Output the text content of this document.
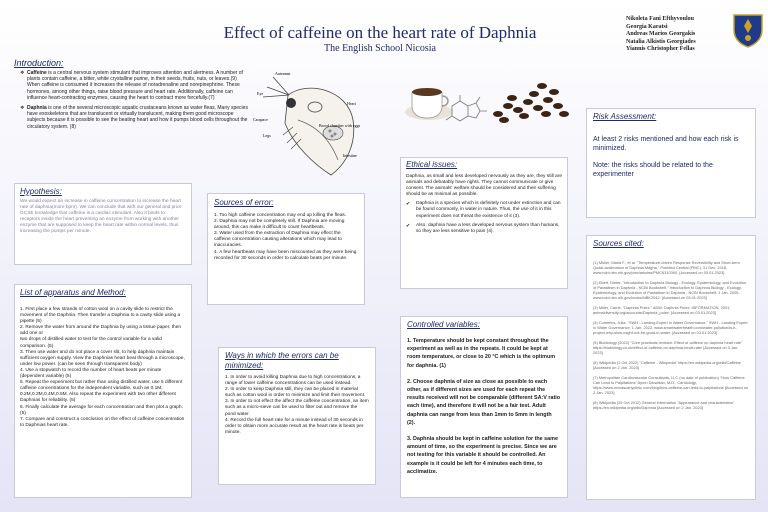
Effect of caffeine on the heart rate of Daphnia
The English School Nicosia
Nikoleta Fani Efthyvoulou
Georgia Karatsi
Andreas Marios Georgakis
Natalia Alkistis Georgiades
Yiannis Christopher Fellas
Introduction:
❖ Caffeine is a central nervous system stimulant that improves attention and alertness. A number of plants contain caffeine, a bitter, white crystalline purine, in their seeds, fruits, nuts, or leaves.(9) When caffeine is consumed it increases the release of noradrenaline and norepinephrine. These hormones, among other things, raise blood pressure and heart rate. Additionally, caffeine can influence heart-contracting enzymes, causing the heart to contract more forcefully.(7)
❖ Daphnia is one of the several microscopic aquatic crustaceans known as water fleas. Many species have exoskeletons that are translucent or virtually translucent, making them good microscope subjects because it is possible to see the beating heart and how it pumps blood cells throughout the circulatory system. (8)
Antennae
Eye
Heart
Carapace
Legs
Brood chamber with eggs
Intestine
Hypothesis:
We would expect an increase in caffeine concentration to increase the heart rate of daphnia(more bpm). We can conclude that with our general and prior GCSE knowledge that caffeine is a cardiac stimulant. Also it binds to receptors inside the heart preventing an enzyme from working with another enzyme that are supposed to keep the heart rate within normal levels, thus increasing the pumps per minute.
List of apparatus and Method:

1. First place a few strands of cotton wool on a cavity slide to restrict the movement of the Daphnia. Then transfer a Daphnia to a cavity slide using a pipette (5)

2. Remove the water from around the Daphnia by using a tissue paper, then add one or

two drops of distilled water to test for the control variable for a valid comparison. (5)

3. Then use water and do not place a cover slit, to help daphnia maintain sufficient oxygen supply. View the Daphnias heart beat through a microscope, under low power. (can be seen through transparent body)

4. Use a stopwatch to record the number of heart beats per minute (dependent variable) (5)

5. Repeat the experiment but rather than using distilled water, use 5 different caffeine concentrations for the independent variable, such as 0.1M, 0.2M,0.3M,0.4M,0.5M. Also repeat the experiment with two other different Daphnias for reliability. (5)

6. Finally calculate the average for each concentration and then plot a graph. (5)

7. Compare and construct a conclusion on the effect of caffeine concentration to Daphnias heart rate.

Sources of error:

1. Too high caffeine concentration may end up killing the fleas.

2. Daphnia may not be completely still. If Daphnia are moving around, this can make it difficult to count heartbeats.

3. Water used from the extraction of Daphnia may effect the caffeine concentration causing alterations which may lead to inaccuracies.

4. A few heartbeats may have been miscounted as they were being recorded for 30 seconds in order to calculate beats per minute.

Ways in which the errors can be minimized:

1. In order to avoid killing Daphnia due to high concentrations, a range of lower caffeine concentrations can be used instead.

2. In order to keep Daphnia still, they can be placed in material such as cotton wool in order to minimize and limit their movement.

3. In order to not effect the affect the caffeine concentration, an item such as a micro-sieve can be used to filter out and remove the pond water.

4. Record the full heart rate for a minute instead of 30 seconds in order to obtain more accurate result as the heart rate is beats per minute.

Ethical issues:

Daphnia, as small and less developed nervously as they are, they still are animals and debatably have rights. They cannot communicate or give consent. The animals' welfare should be considered and their suffering should be as minimal as possible.

✔ Daphnia is a species which is definitely not under extinction and can be found commonly, in water in nature. Thus, the use of it in this experiment does not threat the existence of it (3).
✔ Also, daphnia have a less developed nervous system than humans, so they are less sensitive to pain (4).
Controlled variables:

1. Temperature should be kept constant throughout the experiment as well as in the repeats. It could be kept at room temperature, or close to 20 °C which is the optimum for daphnia. (1)

2. Choose daphnia of size as close as possible to each other, as if different sizes are used for each repeat the results received will not be comparable (different SA:V ratio each time), and therefore it will not be a fair test. Adult daphnia can range from less than 1mm to 5mm in length (2).

3. Daphnia should be kept in caffeine solution for the same amount of time, so the experiment is precise. Since we are not testing for this variable it should be controlled. An example is it could be left for 4 minutes each time, to acclimatize.

Risk Assessment:

At least 2 risks mentioned and how each risk is minimized.

Note: the risks should be related to the experimenter

Sources cited:

(1) Müller, Maria F., et al. "Temperature-driven Response Reversibility and Short-term Quasi-acclimation of Daphnia Magna." PubMed Central (PMC), 31 Dec. 2018, www.ncbi.nlm.nih.gov/pmc/articles/PMC6310390. [Accessed on 03.01.2023]

(2) Ebert, Dieter. "Introduction to Daphnia Biology - Ecology, Epidemiology, and Evolution of Parasitism in Daphnia - NCBI Bookshelf." Introduction to Daphnia Biology - Ecology, Epidemiology, and Evolution of Parasitism in Daphnia - NCBI Bookshelf, 1 Jan. 2005, www.ncbi.nlm.nih.gov/books/NBK2042. [Accessed on 03.01.2023]

(3) Miller, Carrie. "Daphnia Pulex." ADW: Daphnia Pulex: INFORMATION, 2001, animaldiversity.org/accounts/Daphnia_pulex. [Accessed on 03.01.2023]

(4) Cummins, Julia. "SWH - Landing Expert in Water Governance." SWH - Landing Expert in Water Governance, 1 Jan. 2022, www.smartwaterhealth.com/water-pollution/is-it-project-why-slow-might-not-be-good-in-water. [Accessed on 03.01.2023]

(5) Biobiology (2022) "Core practicals revision: Effect of caffeine on daphnia heart rate" https://biobiology.co.uk/effect-of-caffeine-on-daphnia-heart-rate/ [Accessed on 3 Jan. 2023]

(6) Wikipedia (1 Oct 2022) "Caffeine - Wikipedia" https://en.wikipedia.org/wiki/Caffeine [Accessed on 2 Jan. 2023]

(7) Metropolitan Cardiovascular Consultants, LLC (no date of publication) "How Caffeine Can Lead to Palpitations" Aymn Darwisan, M.D., Cardiology, https://www.mcvascarlyclinic.com/blog/how-caffeine-can-lead-to-palpitations [Accessed on 2 Jan. 2023]

(8) Wikipedia (29 Oct 2012) General Information "Appearance and characteristics" https://en.wikipedia.org/wiki/Daphnia [Accessed on 2 Jan. 2023]
